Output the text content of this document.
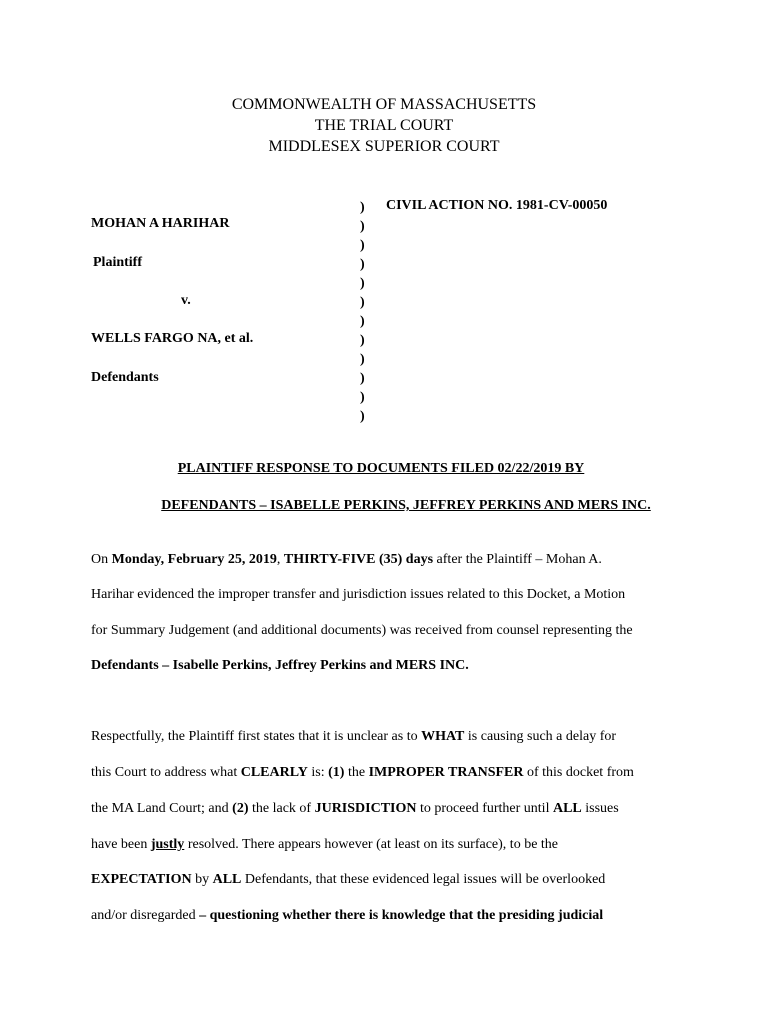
COMMONWEALTH OF MASSACHUSETTS
THE TRIAL COURT
MIDDLESEX SUPERIOR COURT
MOHAN A HARIHAR
Plaintiff
v.
WELLS FARGO NA, et al.
Defendants
)
)
)
)
)
)
)
)
)
)
)
)
CIVIL ACTION NO. 1981-CV-00050
PLAINTIFF RESPONSE TO DOCUMENTS FILED 02/22/2019 BY
DEFENDANTS – ISABELLE PERKINS, JEFFREY PERKINS AND MERS INC.
On Monday, February 25, 2019, THIRTY-FIVE (35) days after the Plaintiff – Mohan A.
Harihar evidenced the improper transfer and jurisdiction issues related to this Docket, a Motion
for Summary Judgement (and additional documents) was received from counsel representing the
Defendants – Isabelle Perkins, Jeffrey Perkins and MERS INC.
Respectfully, the Plaintiff first states that it is unclear as to WHAT is causing such a delay for
this Court to address what CLEARLY is: (1) the IMPROPER TRANSFER of this docket from
the MA Land Court; and (2) the lack of JURISDICTION to proceed further until ALL issues
have been justly resolved. There appears however (at least on its surface), to be the
EXPECTATION by ALL Defendants, that these evidenced legal issues will be overlooked
and/or disregarded – questioning whether there is knowledge that the presiding judicial
